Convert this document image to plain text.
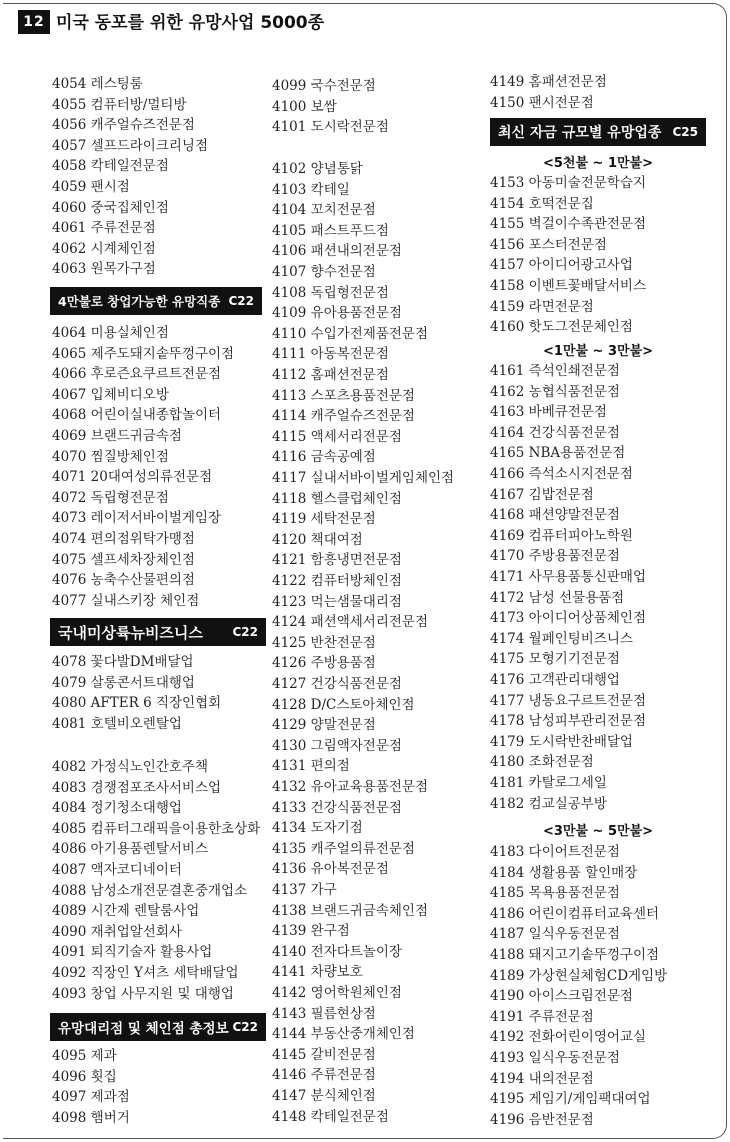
12 미국 동포를 위한 유망사업 5000종
4054 레스팅룸
4055 컴퓨터방/멀티방
4056 캐주얼슈즈전문점
4057 셀프드라이크리닝점
4058 칵테일전문점
4059 팬시점
4060 중국집체인점
4061 주류전문점
4062 시계체인점
4063 원목가구점
4만불로 창업가능한 유망직종 C22
4064 미용실체인점
4065 제주도돼지솥뚜껑구이점
4066 후로즌요쿠르트전문점
4067 입체비디오방
4068 어린이실내종합놀이터
4069 브랜드귀금속점
4070 찜질방체인점
4071 20대여성의류전문점
4072 독립형전문점
4073 레이저서바이벌게임장
4074 편의점위탁가맹점
4075 셀프세차장체인점
4076 농축수산물편의점
4077 실내스키장 체인점
국내미상륙뉴비즈니스 C22
4078 꽃다발DM배달업
4079 살롱콘서트대행업
4080 AFTER 6 직장인협회
4081 호텔비오렌탈업
4082 가정식노인간호주책
4083 경쟁점포조사서비스업
4084 정기청소대행업
4085 컴퓨터그래픽을이용한초상화
4086 아기용품렌탈서비스
4087 액자코디네이터
4088 남성소개전문결혼중개업소
4089 시간제 렌탈룸사업
4090 재취업알선회사
4091 퇴직기술자 활용사업
4092 직장인 Y셔츠 세탁배달업
4093 창업 사무지원 및 대행업
유망대리점 및 체인점 총정보 C22
4095 제과
4096 횟집
4097 제과점
4098 햄버거
4099 국수전문점
4100 보쌈
4101 도시락전문점
4102 양념통닭
4103 칵테일
4104 꼬치전문점
4105 패스트푸드점
4106 패션내의전문점
4107 향수전문점
4108 독립형전문점
4109 유아용품전문점
4110 수입가전제품전문점
4111 아동복전문점
4112 홈패션전문점
4113 스포츠용품전문점
4114 캐주얼슈즈전문점
4115 액세서리전문점
4116 금속공예점
4117 실내서바이벌게임체인점
4118 헬스클럽체인점
4119 세탁전문점
4120 책대여점
4121 함흥냉면전문점
4122 컴퓨터방체인점
4123 먹는샘물대리점
4124 패션액세서리전문점
4125 반찬전문점
4126 주방용품점
4127 건강식품전문점
4128 D/C스토아체인점
4129 양말전문점
4130 그림액자전문점
4131 편의점
4132 유아교육용품전문점
4133 건강식품전문점
4134 도자기점
4135 캐주얼의류전문점
4136 유아복전문점
4137 가구
4138 브랜드귀금속체인점
4139 완구점
4140 전자다트놀이장
4141 차량보호
4142 영어학원체인점
4143 필름현상점
4144 부동산중개체인점
4145 갈비전문점
4146 주류전문점
4147 분식체인점
4148 칵테일전문점
4149 홈패션전문점
4150 팬시전문점
최신 자금 규모별 유망업종 C25
<5천불 ~ 1만불>
4153 아동미술전문학습지
4154 호떡전문집
4155 벽걸이수족관전문점
4156 포스터전문점
4157 아이디어광고사업
4158 이벤트꽃배달서비스
4159 라면전문점
4160 핫도그전문체인점
<1만불 ~ 3만불>
4161 즉석인쇄전문점
4162 농협식품전문점
4163 바베큐전문점
4164 건강식품전문점
4165 NBA용품전문점
4166 즉석소시지전문점
4167 김밥전문점
4168 패션양말전문점
4169 컴퓨터피아노학원
4170 주방용품전문점
4171 사무용품통신판매업
4172 남성 선물용품점
4173 아이디어상품체인점
4174 월페인팅비즈니스
4175 모형기기전문점
4176 고객관리대행업
4177 냉동요구르트전문점
4178 남성피부관리전문점
4179 도시락반찬배달업
4180 조화전문점
4181 카탈로그세일
4182 컴교실공부방
<3만불 ~ 5만불>
4183 다이어트전문점
4184 생활용품 할인매장
4185 목욕용품전문점
4186 어린이컴퓨터교육센터
4187 일식우동전문점
4188 돼지고기솥뚜껑구이점
4189 가상현실체험CD게임방
4190 아이스크림전문점
4191 주류전문점
4192 전화어린이영어교실
4193 일식우동전문점
4194 내의전문점
4195 게임기/게임팩대여업
4196 음반전문점
